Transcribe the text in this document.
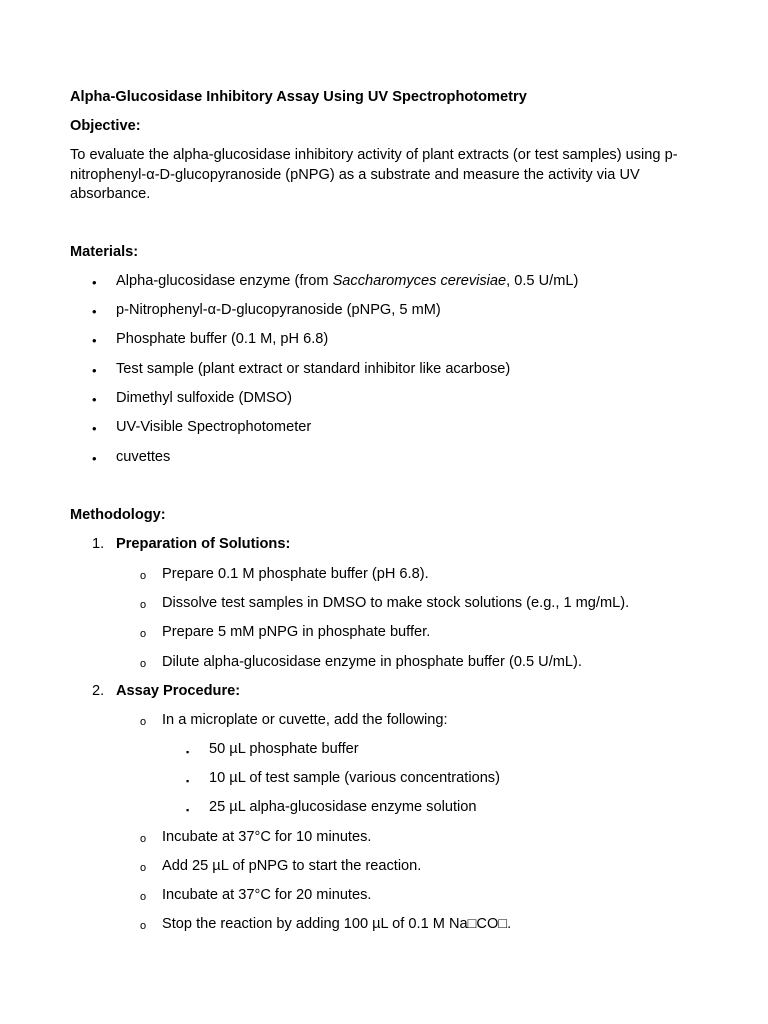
Alpha-Glucosidase Inhibitory Assay Using UV Spectrophotometry
Objective:
To evaluate the alpha-glucosidase inhibitory activity of plant extracts (or test samples) using p-nitrophenyl-α-D-glucopyranoside (pNPG) as a substrate and measure the activity via UV absorbance.
Materials:
• Alpha-glucosidase enzyme (from Saccharomyces cerevisiae, 0.5 U/mL)
• p-Nitrophenyl-α-D-glucopyranoside (pNPG, 5 mM)
• Phosphate buffer (0.1 M, pH 6.8)
• Test sample (plant extract or standard inhibitor like acarbose)
• Dimethyl sulfoxide (DMSO)
• UV-Visible Spectrophotometer
• cuvettes
Methodology:
1. Preparation of Solutions:
o Prepare 0.1 M phosphate buffer (pH 6.8).
o Dissolve test samples in DMSO to make stock solutions (e.g., 1 mg/mL).
o Prepare 5 mM pNPG in phosphate buffer.
o Dilute alpha-glucosidase enzyme in phosphate buffer (0.5 U/mL).
2. Assay Procedure:
o In a microplate or cuvette, add the following:
▪ 50 µL phosphate buffer
▪ 10 µL of test sample (various concentrations)
▪ 25 µL alpha-glucosidase enzyme solution
o Incubate at 37°C for 10 minutes.
o Add 25 µL of pNPG to start the reaction.
o Incubate at 37°C for 20 minutes.
o Stop the reaction by adding 100 µL of 0.1 M Na□CO□.
